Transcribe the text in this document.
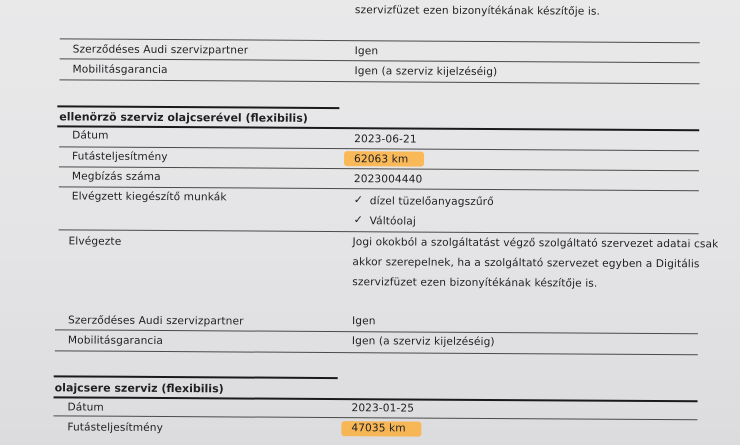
szervizfüzet ezen bizonyítékának készítője is.
Szerződéses Audi szervizpartner	Igen
Mobilitásgarancia	Igen (a szerviz kijelzéséig)
ellenörzö szerviz olajcserével (flexibilis)
Dátum	2023-06-21
Futásteljesítmény	62063 km
Megbízás száma	2023004440
Elvégzett kiegészítő munkák	✓ dízel tüzelőanyagszűrő
✓ Váltóolaj
Elvégezte	Jogi okokból a szolgáltatást végző szolgáltató szervezet adatai csak
akkor szerepelnek, ha a szolgáltató szervezet egyben a Digitális
szervizfüzet ezen bizonyítékának készítője is.
Szerződéses Audi szervizpartner	Igen
Mobilitásgarancia	Igen (a szerviz kijelzéséig)
olajcsere szerviz (flexibilis)
Dátum	2023-01-25
Futásteljesítmény	47035 km
